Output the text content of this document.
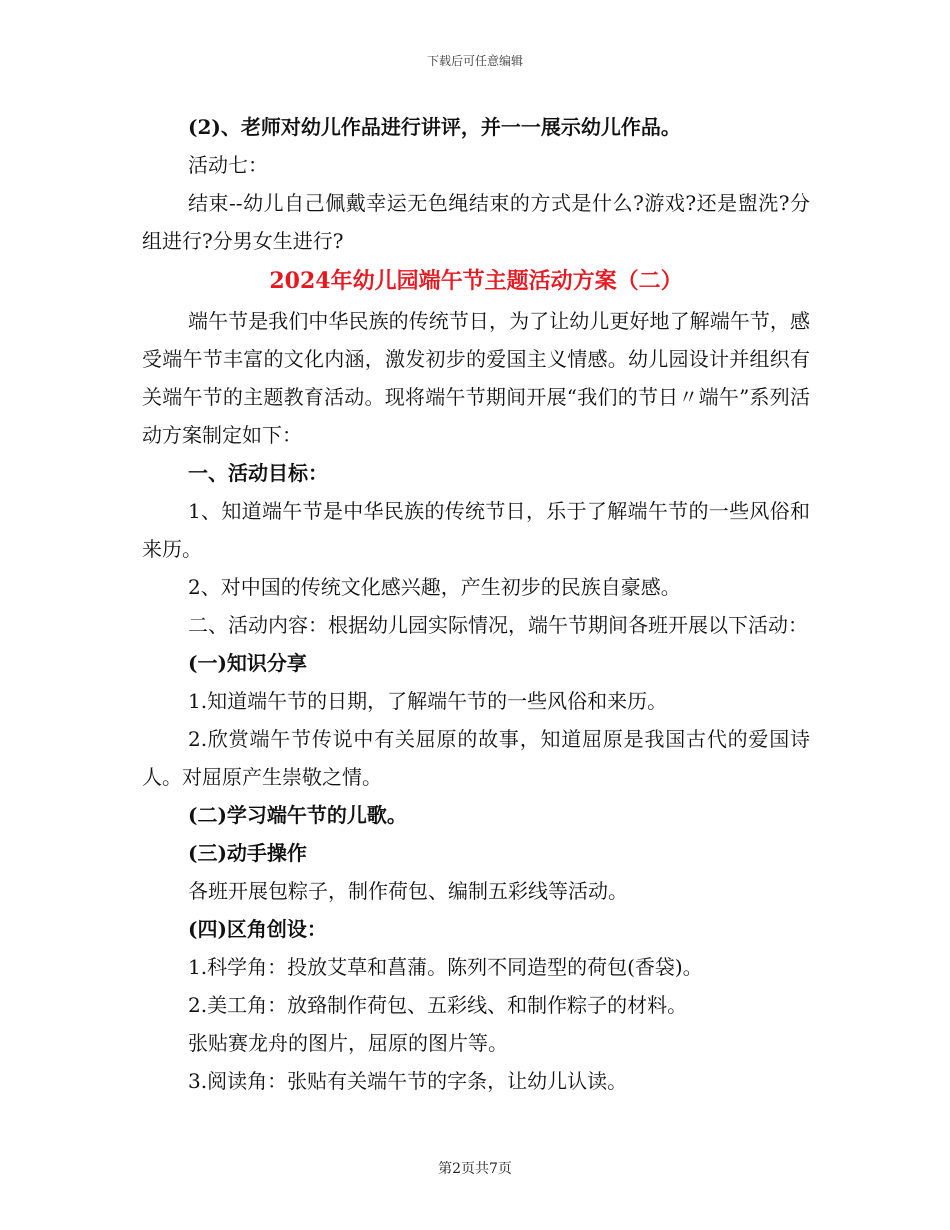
下载后可任意编辑

(2)、老师对幼儿作品进行讲评，并一一展示幼儿作品。

活动七：

结束--幼儿自己佩戴幸运无色绳结束的方式是什么?游戏?还是盥洗?分组进行?分男女生进行?

2024年幼儿园端午节主题活动方案（二）

端午节是我们中华民族的传统节日，为了让幼儿更好地了解端午节，感受端午节丰富的文化内涵，激发初步的爱国主义情感。幼儿园设计并组织有关端午节的主题教育活动。现将端午节期间开展“我们的节日〃端午”系列活动方案制定如下：

一、活动目标：

1、知道端午节是中华民族的传统节日，乐于了解端午节的一些风俗和来历。

2、对中国的传统文化感兴趣，产生初步的民族自豪感。

二、活动内容：根据幼儿园实际情况，端午节期间各班开展以下活动：

(一)知识分享

1.知道端午节的日期，了解端午节的一些风俗和来历。

2.欣赏端午节传说中有关屈原的故事，知道屈原是我国古代的爱国诗人。对屈原产生崇敬之情。

(二)学习端午节的儿歌。

(三)动手操作

各班开展包粽子，制作荷包、编制五彩线等活动。

(四)区角创设：

1.科学角：投放艾草和菖蒲。陈列不同造型的荷包(香袋)。

2.美工角：放臵制作荷包、五彩线、和制作粽子的材料。

张贴赛龙舟的图片，屈原的图片等。

3.阅读角：张贴有关端午节的字条，让幼儿认读。

第2页共7页
